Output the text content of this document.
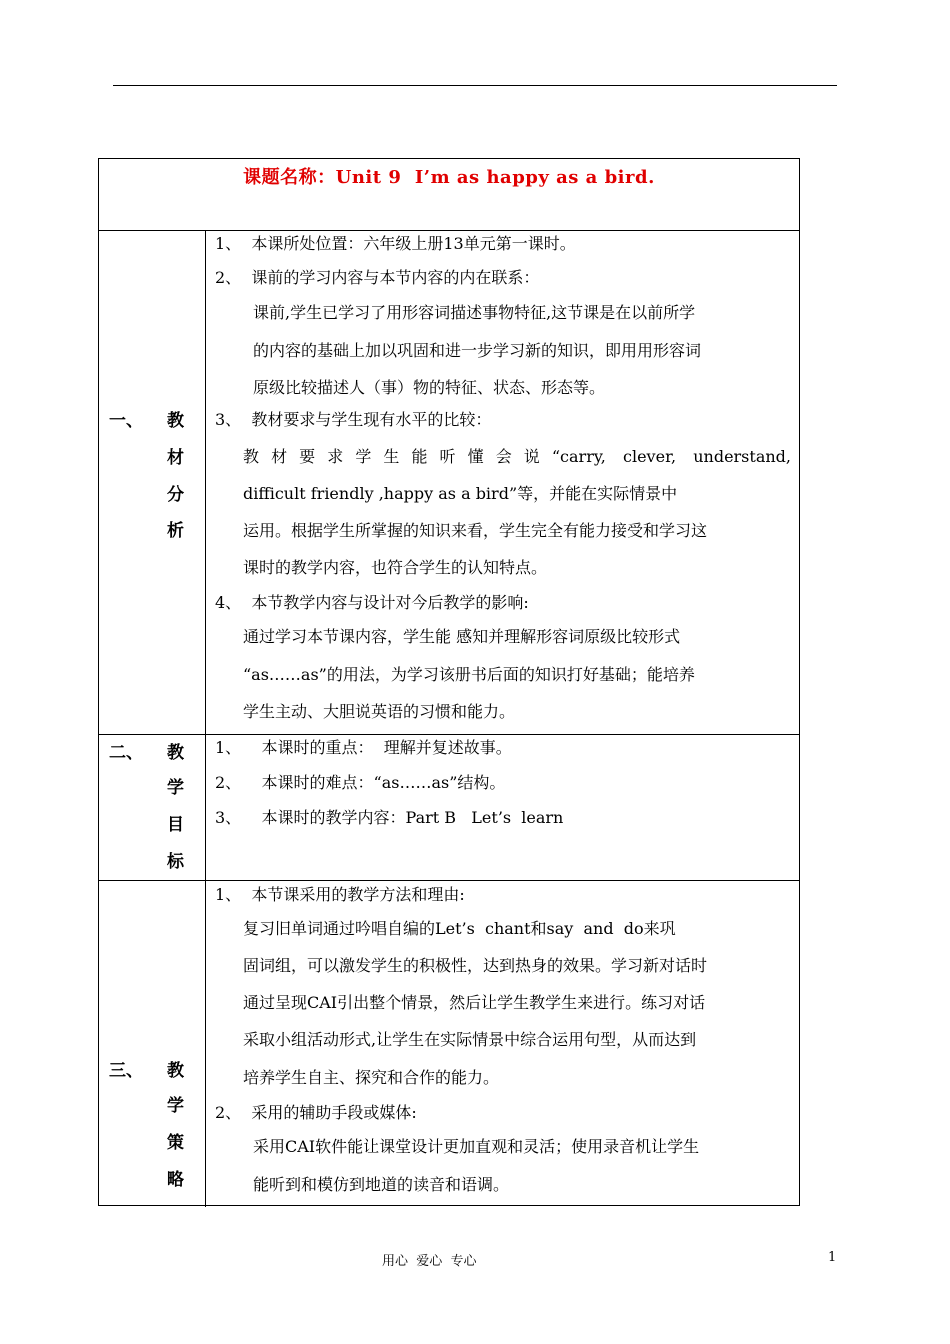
课题名称：Unit 9  I’m as happy as a bird.
一、 教
材
分
析
1、  本课所处位置：六年级上册13单元第一课时。
2、  课前的学习内容与本节内容的内在联系：
课前,学生已学习了用形容词描述事物特征,这节课是在以前所学
的内容的基础上加以巩固和进一步学习新的知识，即用用形容词
原级比较描述人（事）物的特征、状态、形态等。
3、  教材要求与学生现有水平的比较：
教材要求学生能听懂会说“carry, clever, understand,
difficult friendly ,happy as a bird”等，并能在实际情景中
运用。根据学生所掌握的知识来看，学生完全有能力接受和学习这
课时的教学内容，也符合学生的认知特点。
4、  本节教学内容与设计对今后教学的影响:
通过学习本节课内容，学生能 感知并理解形容词原级比较形式
“as……as”的用法，为学习该册书后面的知识打好基础；能培养
学生主动、大胆说英语的习惯和能力。
二、 教
学
目
标
1、    本课时的重点：  理解并复述故事。
2、    本课时的难点：“as……as”结构。
3、    本课时的教学内容：Part B   Let’s  learn
三、 教
学
策
略
1、  本节课采用的教学方法和理由:
复习旧单词通过吟唱自编的Let’s  chant和say  and  do来巩
固词组，可以激发学生的积极性，达到热身的效果。学习新对话时
通过呈现CAI引出整个情景，然后让学生教学生来进行。练习对话
采取小组活动形式,让学生在实际情景中综合运用句型，从而达到
培养学生自主、探究和合作的能力。
2、  采用的辅助手段或媒体:
采用CAI软件能让课堂设计更加直观和灵活；使用录音机让学生
能听到和模仿到地道的读音和语调。
用心  爱心  专心	1
